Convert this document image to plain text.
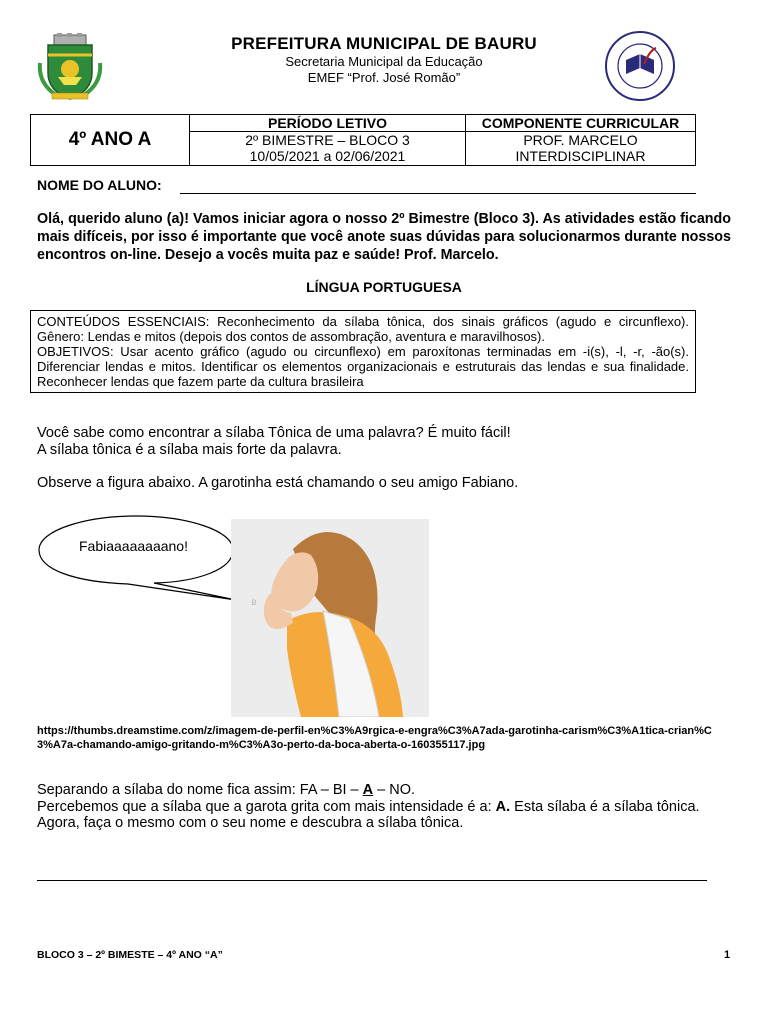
PREFEITURA MUNICIPAL DE BAURU
Secretaria Municipal da Educação
EMEF “Prof. José Romão”
4º ANO A
PERÍODO LETIVO	COMPONENTE CURRICULAR
2º BIMESTRE – BLOCO 3
10/05/2021 a 02/06/2021
PROF. MARCELO
INTERDISCIPLINAR
NOME DO ALUNO:
Olá, querido aluno (a)! Vamos iniciar agora o nosso 2º Bimestre (Bloco 3). As atividades estão ficando mais difíceis, por isso é importante que você anote suas dúvidas para solucionarmos durante nossos encontros on-line. Desejo a vocês muita paz e saúde! Prof. Marcelo.
LÍNGUA PORTUGUESA
CONTEÚDOS ESSENCIAIS: Reconhecimento da sílaba tônica, dos sinais gráficos (agudo e circunflexo). Gênero: Lendas e mitos (depois dos contos de assombração, aventura e maravilhosos).
OBJETIVOS: Usar acento gráfico (agudo ou circunflexo) em paroxítonas terminadas em -i(s), -l, -r, -ão(s). Diferenciar lendas e mitos. Identificar os elementos organizacionais e estruturais das lendas e sua finalidade. Reconhecer lendas que fazem parte da cultura brasileira
Você sabe como encontrar a sílaba Tônica de uma palavra? É muito fácil!
A sílaba tônica é a sílaba mais forte da palavra.
Observe a figura abaixo. A garotinha está chamando o seu amigo Fabiano.
Fabiaaaaaaaano!
ʙ
https://thumbs.dreamstime.com/z/imagem-de-perfil-en%C3%A9rgica-e-engra%C3%A7ada-garotinha-carism%C3%A1tica-crian%C3%A7a-chamando-amigo-gritando-m%C3%A3o-perto-da-boca-aberta-o-160355117.jpg
Separando a sílaba do nome fica assim: FA – BI – A – NO.
Percebemos que a sílaba que a garota grita com mais intensidade é a: A. Esta sílaba é a sílaba tônica.
Agora, faça o mesmo com o seu nome e descubra a sílaba tônica.
BLOCO 3 – 2º BIMESTE – 4º ANO “A”	1
